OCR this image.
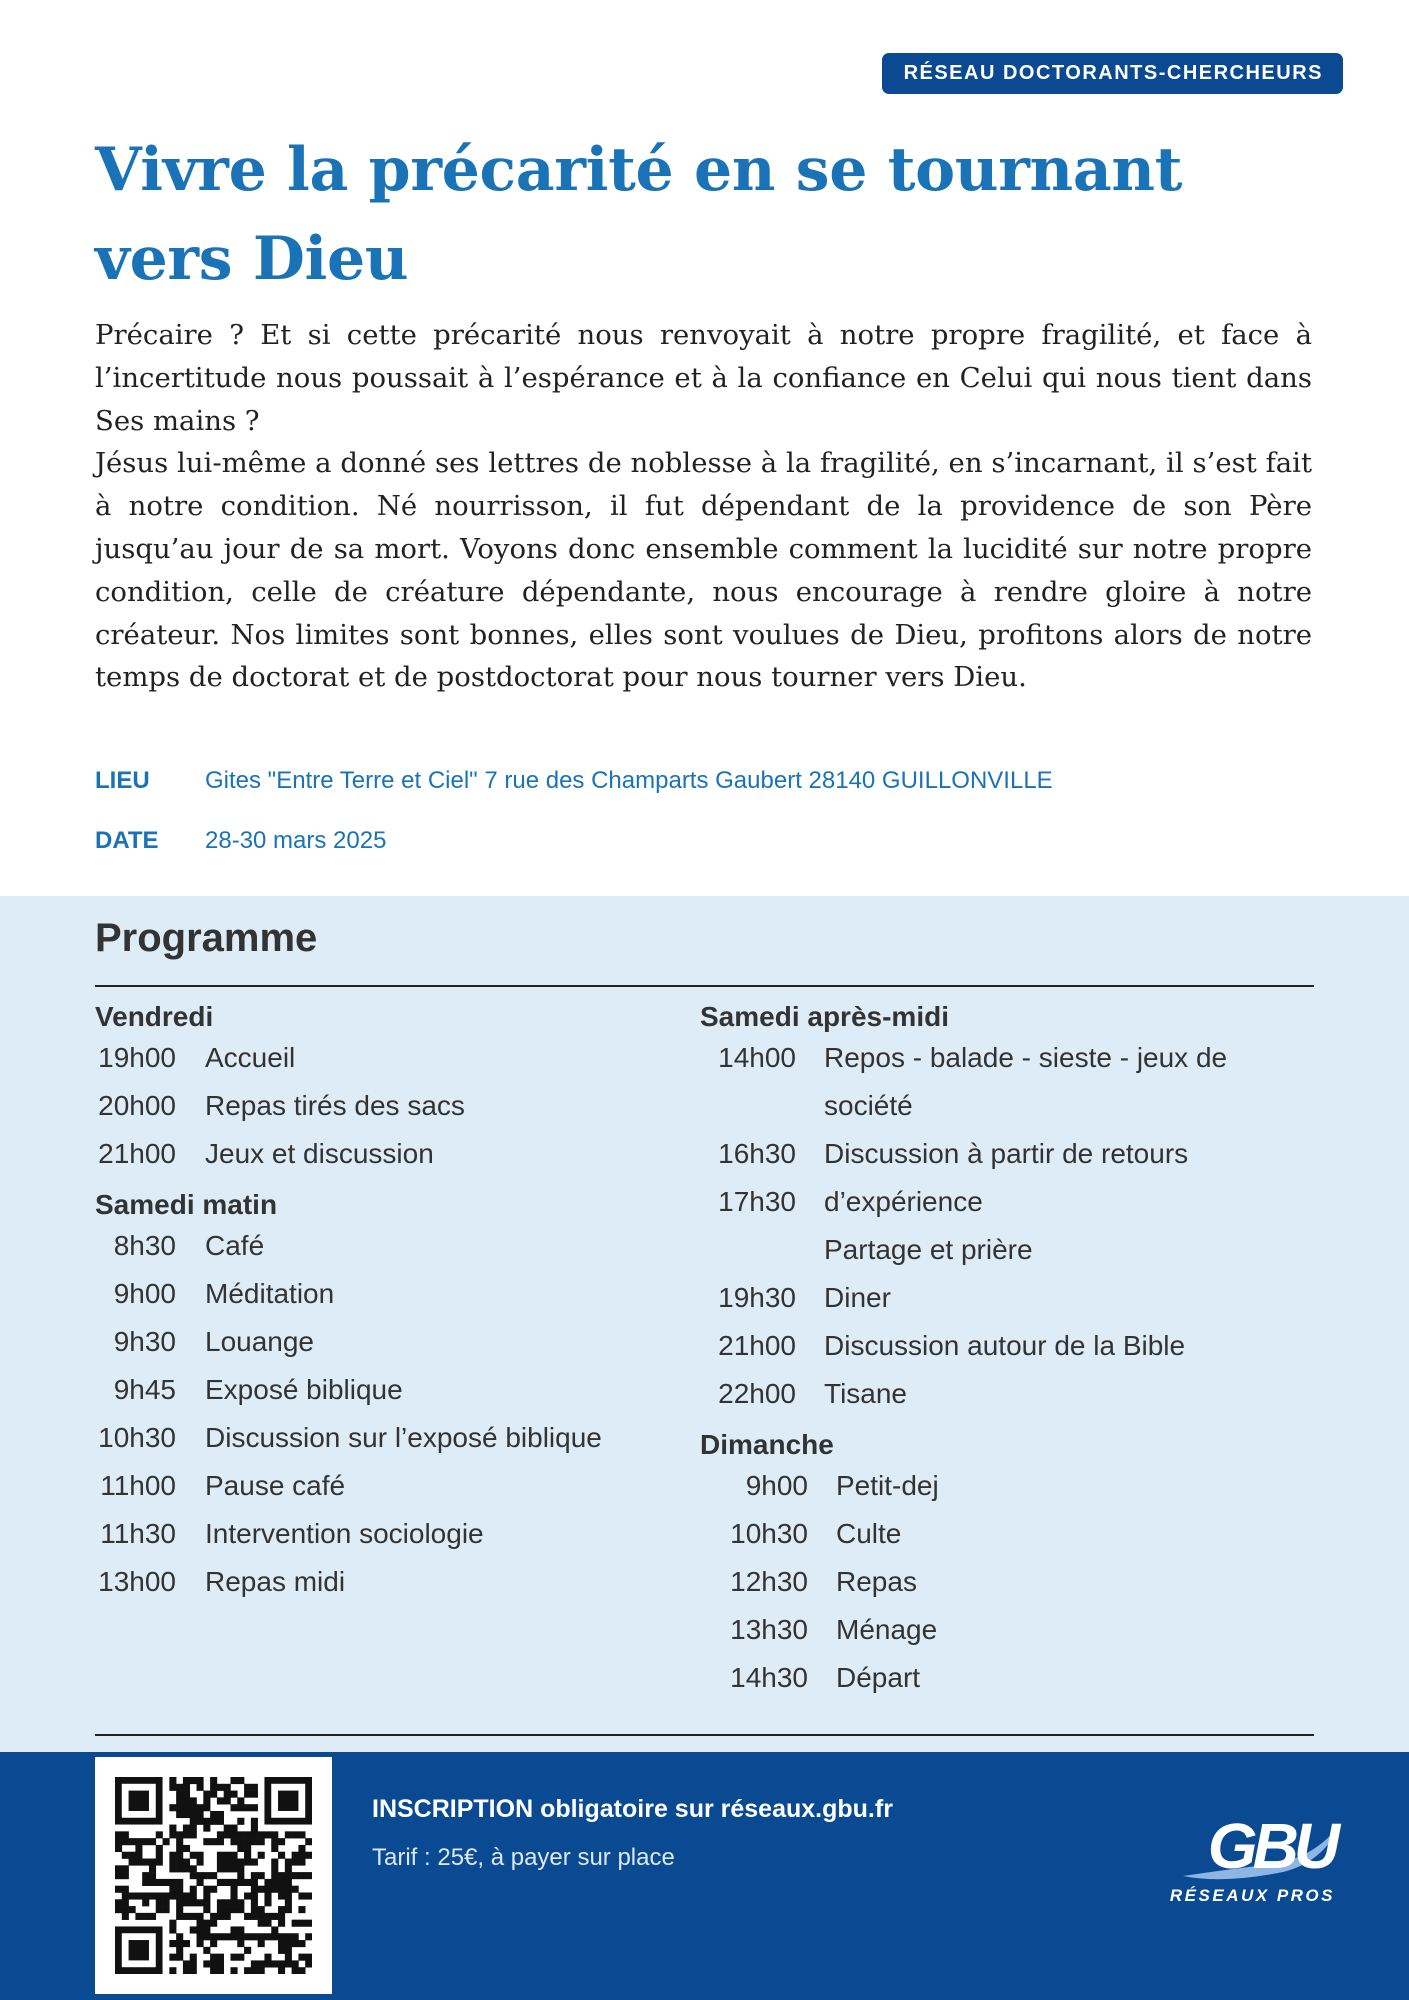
RÉSEAU DOCTORANTS-CHERCHEURS
Vivre la précarité en se tournant vers Dieu

Précaire ? Et si cette précarité nous renvoyait à notre propre fragilité, et face à l’incertitude nous poussait à l’espérance et à la confiance en Celui qui nous tient dans Ses mains ?

Jésus lui-même a donné ses lettres de noblesse à la fragilité, en s’incarnant, il s’est fait à notre condition. Né nourrisson, il fut dépendant de la providence de son Père jusqu’au jour de sa mort. Voyons donc ensemble comment la lucidité sur notre propre condition, celle de créature dépendante, nous encourage à rendre gloire à notre créateur. Nos limites sont bonnes, elles sont voulues de Dieu, profitons alors de notre temps de doctorat et de postdoctorat pour nous tourner vers Dieu.

LIEU Gites "Entre Terre et Ciel" 7 rue des Champarts Gaubert 28140 GUILLONVILLE
DATE 28-30 mars 2025
Programme
Vendredi
19h00 Accueil
20h00 Repas tirés des sacs
21h00 Jeux et discussion
Samedi matin
8h30 Café
9h00 Méditation
9h30 Louange
9h45 Exposé biblique
10h30 Discussion sur l’exposé biblique
11h00 Pause café
11h30 Intervention sociologie
13h00 Repas midi
Samedi après-midi
14h00 Repos - balade - sieste - jeux de
société
16h30 Discussion à partir de retours
17h30 d’expérience
Partage et prière
19h30 Diner
21h00 Discussion autour de la Bible
22h00 Tisane
Dimanche
9h00 Petit-dej
10h30 Culte
12h30 Repas
13h30 Ménage
14h30 Départ
INSCRIPTION obligatoire sur réseaux.gbu.fr
Tarif : 25€, à payer sur place	GBU
RÉSEAUX PROS
